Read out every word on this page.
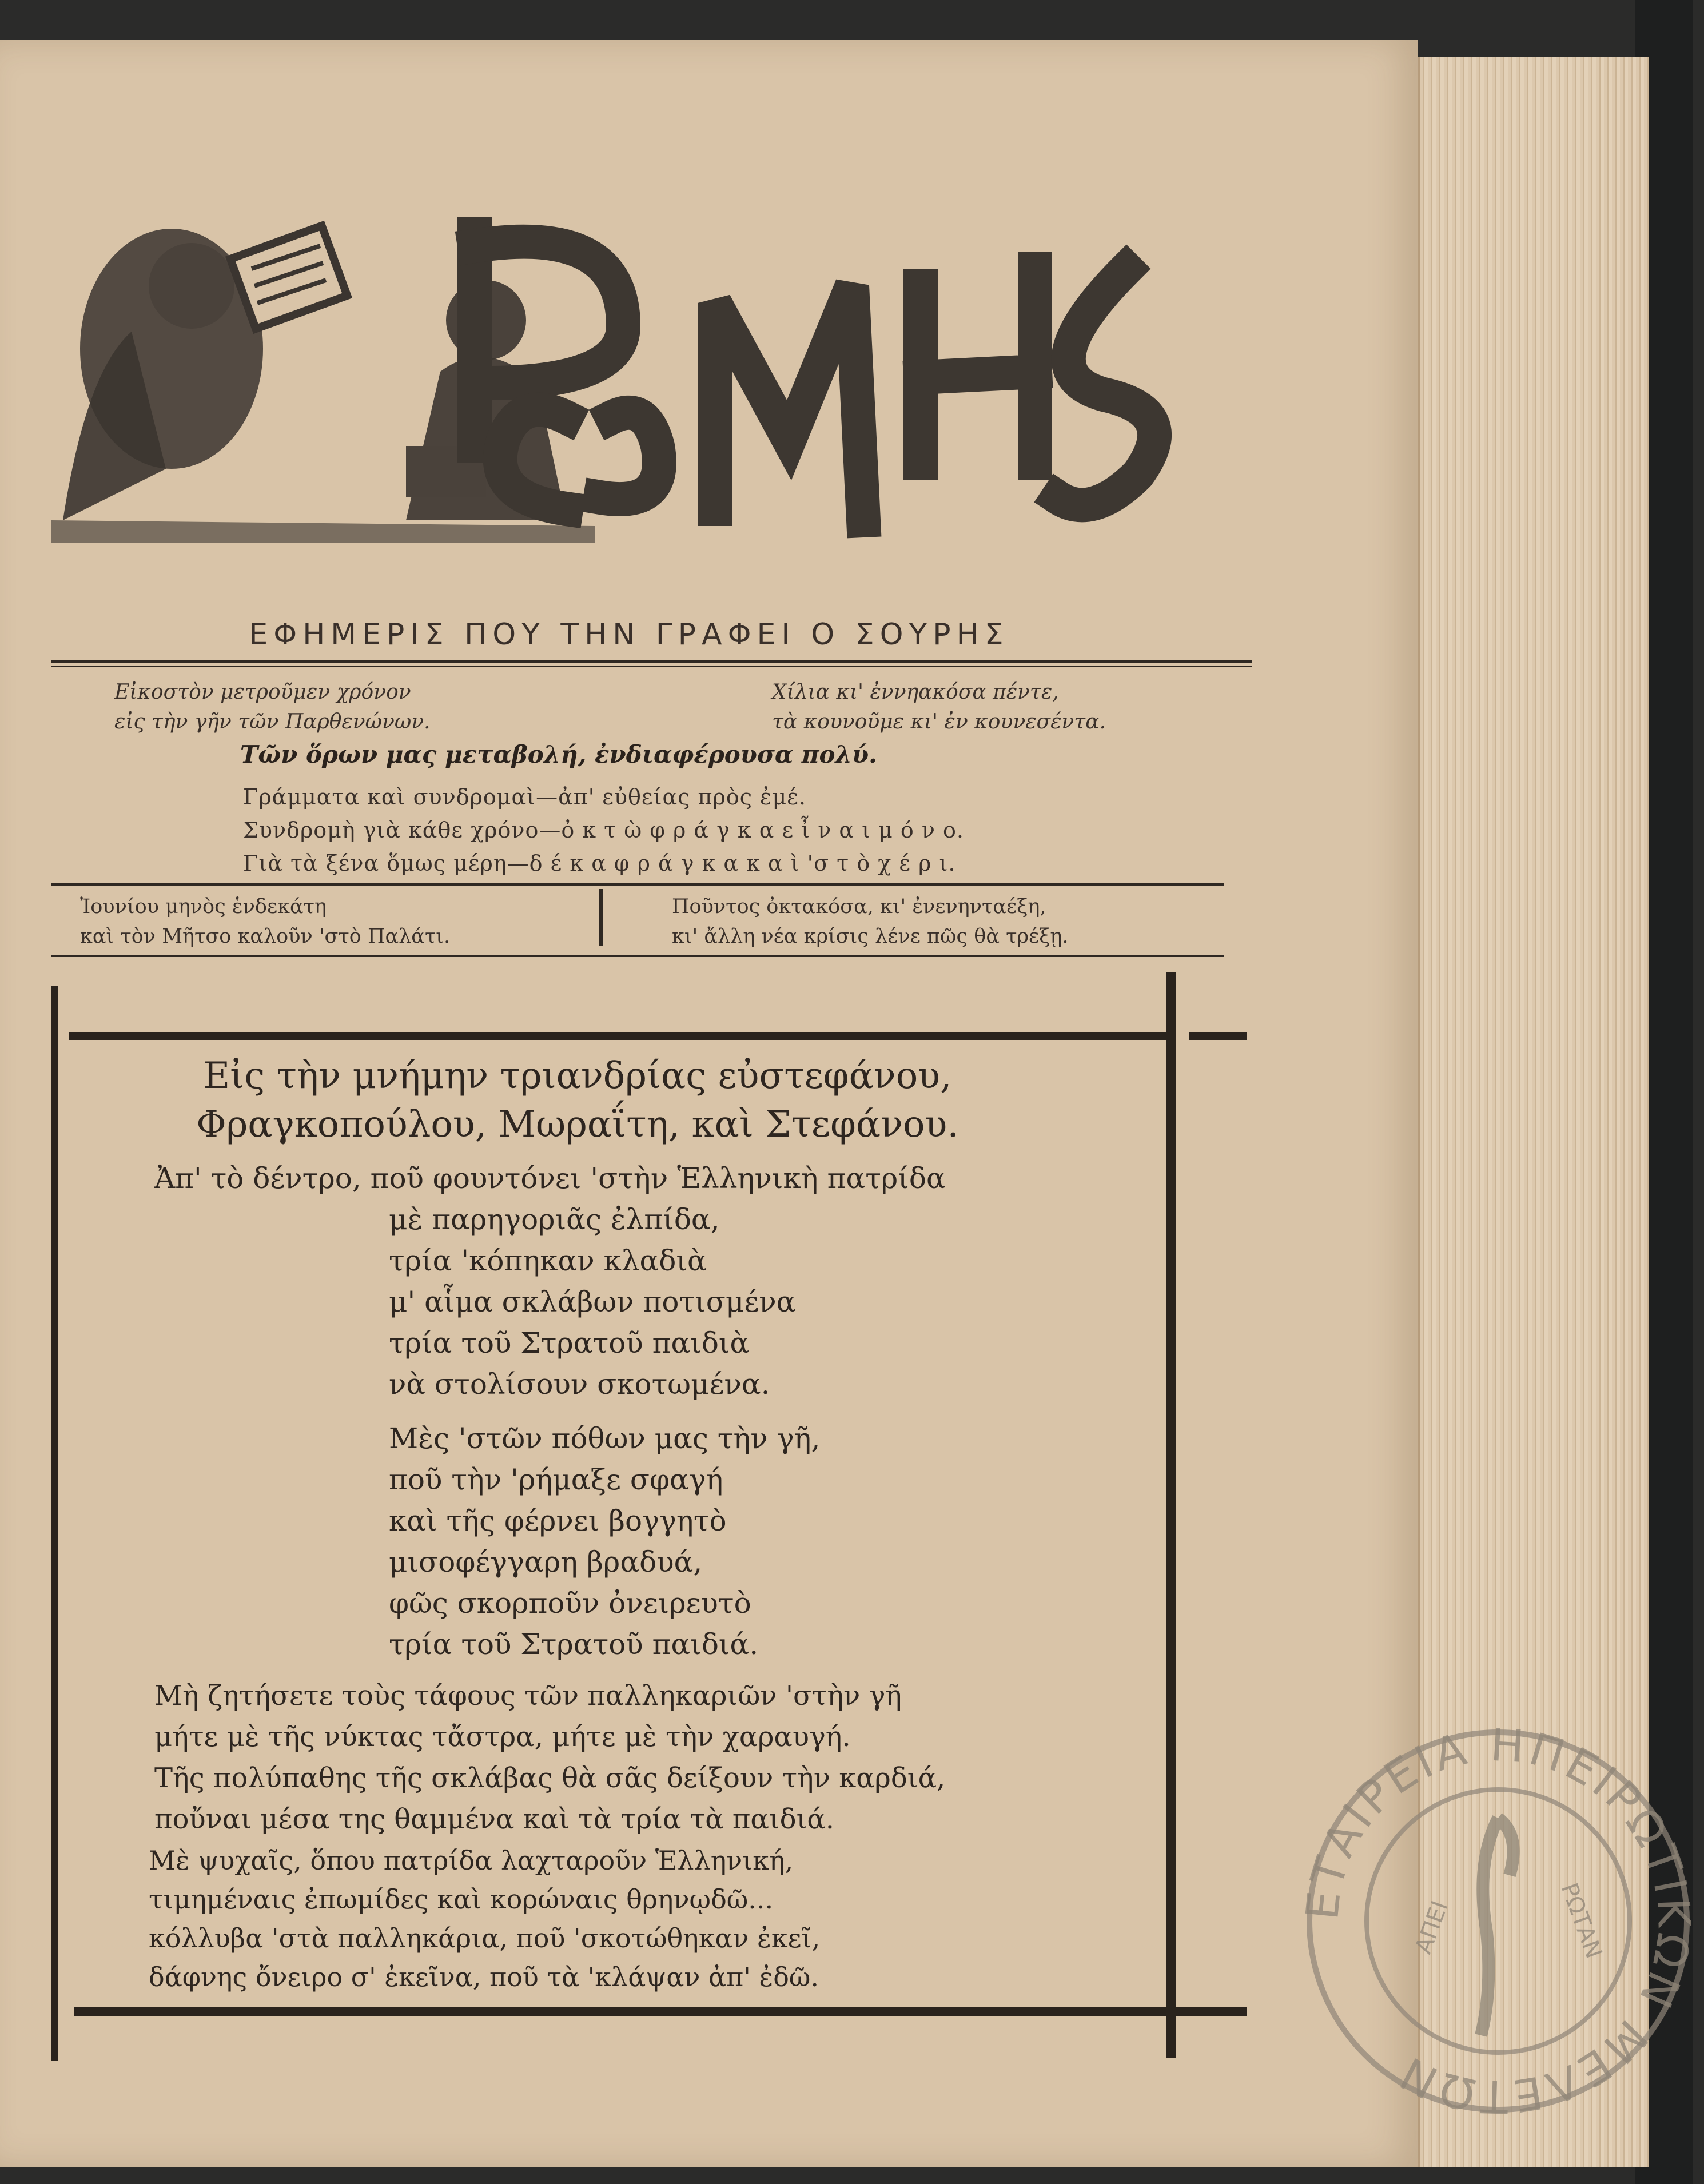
ΕΦΗΜΕΡΙΣ ΠΟΥ ΤΗΝ ΓΡΑΦΕΙ Ο ΣΟΥΡΗΣ
Εἰκοστὸν μετροῦμεν χρόνον
εἰς τὴν γῆν τῶν Παρθενώνων.
Χίλια κι' ἐννηακόσα πέντε,
τὰ κουνοῦμε κι' ἐν κουνεσέντα.
Τῶν ὅρων μας μεταβολή, ἐνδιαφέρουσα πολύ.
Γράμματα καὶ συνδρομαὶ—ἀπ' εὐθείας πρὸς ἐμέ.
Συνδρομὴ γιὰ κάθε χρόνο—ὀ κ τ ὼ φ ρ ά γ κ α ε ἶ ν α ι μ ό ν ο.
Γιὰ τὰ ξένα ὅμως μέρη—δ έ κ α φ ρ ά γ κ α κ α ὶ 'σ τ ὸ χ έ ρ ι.
Ἰουνίου μηνὸς ἑνδεκάτη
καὶ τὸν Μῆτσο καλοῦν 'στὸ Παλάτι.
Ποῦντος ὀκτακόσα, κι' ἐνενηνταέξη,
κι' ἄλλη νέα κρίσις λένε πῶς θὰ τρέξῃ.
Εἰς τὴν μνήμην τριανδρίας εὐστεφάνου,
Φραγκοπούλου, Μωραΐτη, καὶ Στεφάνου.
Ἀπ' τὸ δέντρο, ποῦ φουντόνει 'στὴν Ἑλληνικὴ πατρίδα
μὲ παρηγοριᾶς ἐλπίδα,
τρία 'κόπηκαν κλαδιὰ
μ' αἷμα σκλάβων ποτισμένα
τρία τοῦ Στρατοῦ παιδιὰ
νὰ στολίσουν σκοτωμένα.
Μὲς 'στῶν πόθων μας τὴν γῆ,
ποῦ τὴν 'ρήμαξε σφαγή
καὶ τῆς φέρνει βογγητὸ
μισοφέγγαρη βραδυά,
φῶς σκορποῦν ὀνειρευτὸ
τρία τοῦ Στρατοῦ παιδιά.
Μὴ ζητήσετε τοὺς τάφους τῶν παλληκαριῶν 'στὴν γῆ
μήτε μὲ τῆς νύκτας τἄστρα, μήτε μὲ τὴν χαραυγή.
Τῆς πολύπαθης τῆς σκλάβας θὰ σᾶς δείξουν τὴν καρδιά,
ποὔναι μέσα της θαμμένα καὶ τὰ τρία τὰ παιδιά.
Μὲ ψυχαῖς, ὅπου πατρίδα λαχταροῦν Ἑλληνική,
τιμημέναις ἐπωμίδες καὶ κορώναις θρηνῳδῶ...
κόλλυβα 'στὰ παλληκάρια, ποῦ 'σκοτώθηκαν ἐκεῖ,
δάφνης ὄνειρο σ' ἐκεῖνα, ποῦ τὰ 'κλάψαν ἀπ' ἐδῶ.
ΕΤΑΙΡΕΙΑ ΗΠΕΙΡΩΤΙΚΩΝ ΜΕΛΕΤΩΝ
ΑΠΕΙ	ΡΩΤΑΝ
